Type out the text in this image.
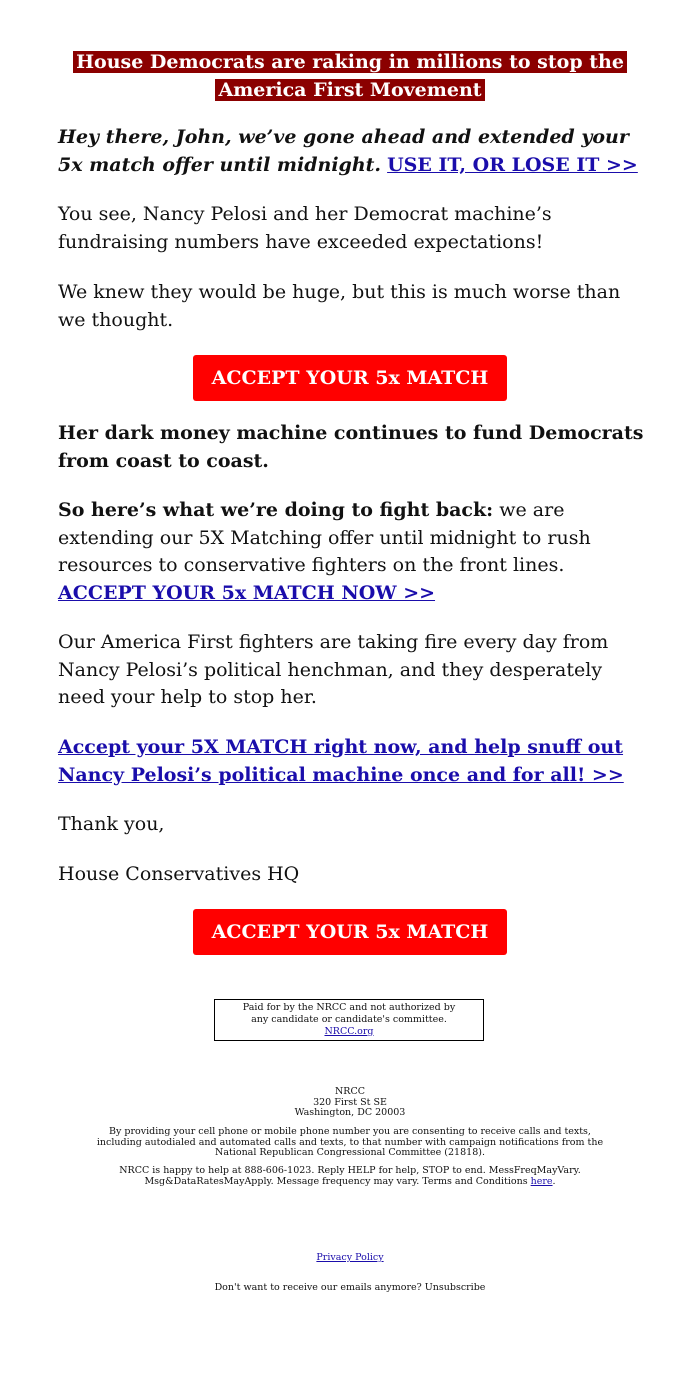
House Democrats are raking in millions to stop the
America First Movement

Hey there, John, we’ve gone ahead and extended your 5x match offer until midnight. USE IT, OR LOSE IT >>

You see, Nancy Pelosi and her Democrat machine’s fundraising numbers have exceeded expectations!

We knew they would be huge, but this is much worse than we thought.

ACCEPT YOUR 5x MATCH

Her dark money machine continues to fund Democrats from coast to coast.

So here’s what we’re doing to fight back: we are extending our 5X Matching offer until midnight to rush resources to conservative fighters on the front lines. ACCEPT YOUR 5x MATCH NOW >>

Our America First fighters are taking fire every day from Nancy Pelosi’s political henchman, and they desperately need your help to stop her.

Accept your 5X MATCH right now, and help snuff out Nancy Pelosi’s political machine once and for all! >>

Thank you,

House Conservatives HQ

ACCEPT YOUR 5x MATCH
Paid for by the NRCC and not authorized by any candidate or candidate's committee. NRCC.org
NRCC
320 First St SE
Washington, DC 20003
By providing your cell phone or mobile phone number you are consenting to receive calls and texts, including autodialed and automated calls and texts, to that number with campaign notifications from the National Republican Congressional Committee (21818).
NRCC is happy to help at 888-606-1023. Reply HELP for help, STOP to end. MessFreqMayVary. Msg&DataRatesMayApply. Message frequency may vary. Terms and Conditions here.
Privacy Policy
Don't want to receive our emails anymore? Unsubscribe
